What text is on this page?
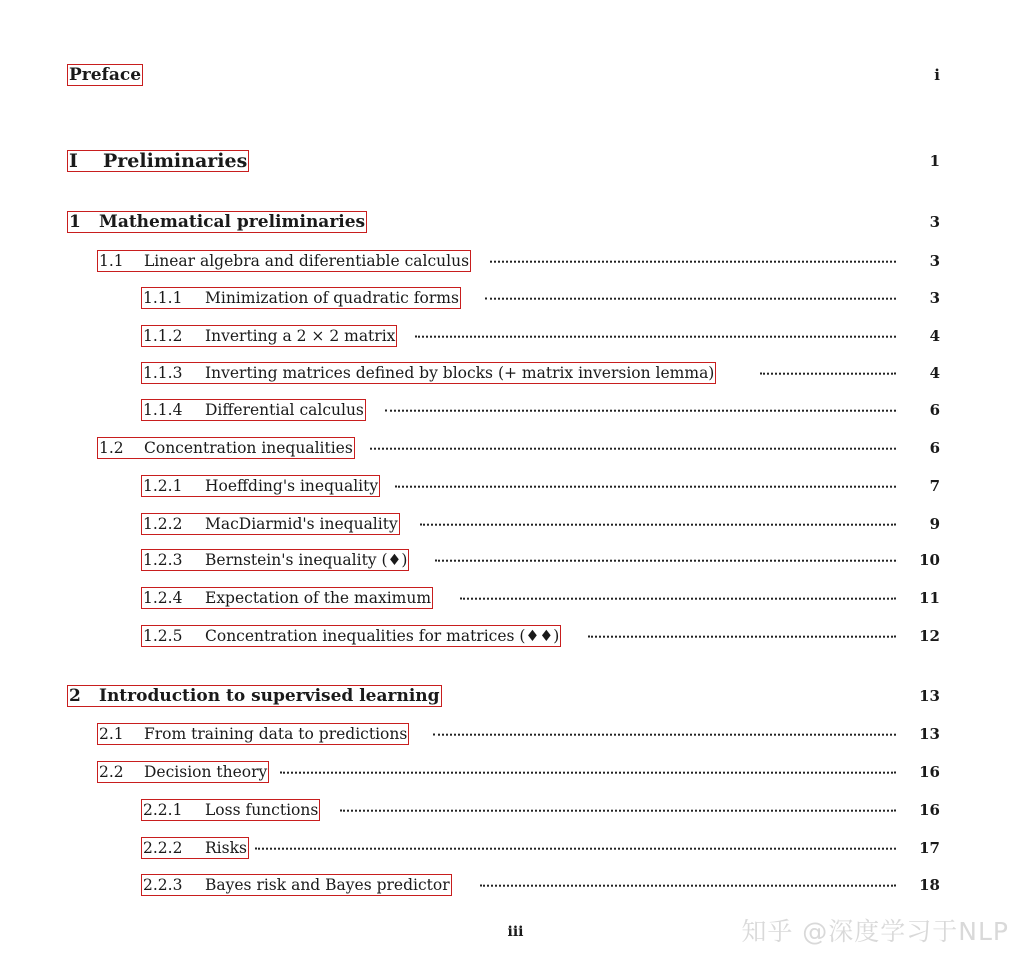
Preface	i
I	Preliminaries	1
1	Mathematical preliminaries	3
1.1	Linear algebra and diferentiable calculus	3
1.1.1	Minimization of quadratic forms	3
1.1.2	Inverting a 2 × 2 matrix	4
1.1.3	Inverting matrices defined by blocks (+ matrix inversion lemma)	4
1.1.4	Differential calculus	6
1.2	Concentration inequalities	6
1.2.1	Hoeffding's inequality	7
1.2.2	MacDiarmid's inequality	9
1.2.3	Bernstein's inequality (♦)	10
1.2.4	Expectation of the maximum	11
1.2.5	Concentration inequalities for matrices (♦♦)	12
2	Introduction to supervised learning	13
2.1	From training data to predictions	13
2.2	Decision theory	16
2.2.1	Loss functions	16
2.2.2	Risks	17
2.2.3	Bayes risk and Bayes predictor	18
iii	知乎 @深度学习于NLP
